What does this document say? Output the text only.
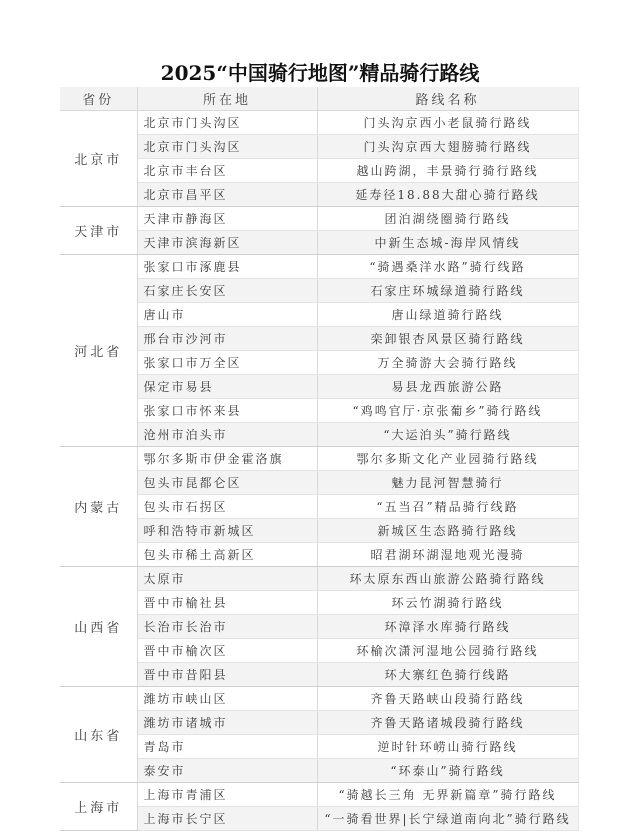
2025“中国骑行地图”精品骑行路线
省份	所在地	路线名称
北京市	北京市门头沟区	门头沟京西小老鼠骑行路线
	北京市门头沟区	门头沟京西大翅膀骑行路线
	北京市丰台区	越山跨湖，丰景骑行骑行路线
	北京市昌平区	延寿径18.88大甜心骑行路线
天津市	天津市静海区	团泊湖绕圈骑行路线
	天津市滨海新区	中新生态城-海岸风情线
河北省	张家口市涿鹿县	“骑遇桑洋水路”骑行线路
	石家庄长安区	石家庄环城绿道骑行路线
	唐山市	唐山绿道骑行路线
	邢台市沙河市	栾卸银杏风景区骑行路线
	张家口市万全区	万全骑游大会骑行路线
	保定市易县	易县龙西旅游公路
	张家口市怀来县	“鸡鸣官厅·京张葡乡”骑行路线
	沧州市泊头市	“大运泊头”骑行路线
内蒙古	鄂尔多斯市伊金霍洛旗	鄂尔多斯文化产业园骑行路线
	包头市昆都仑区	魅力昆河智慧骑行
	包头市石拐区	“五当召”精品骑行线路
	呼和浩特市新城区	新城区生态路骑行路线
	包头市稀土高新区	昭君湖环湖湿地观光漫骑
山西省	太原市	环太原东西山旅游公路骑行路线
	晋中市榆社县	环云竹湖骑行路线
	长治市长治市	环漳泽水库骑行路线
	晋中市榆次区	环榆次潇河湿地公园骑行路线
	晋中市昔阳县	环大寨红色骑行线路
山东省	潍坊市峡山区	齐鲁天路峡山段骑行路线
	潍坊市诸城市	齐鲁天路诸城段骑行路线
	青岛市	逆时针环崂山骑行路线
	泰安市	“环泰山”骑行路线
上海市	上海市青浦区	“骑越长三角 无界新篇章”骑行路线
	上海市长宁区	“一骑看世界|长宁绿道南向北”骑行路线
